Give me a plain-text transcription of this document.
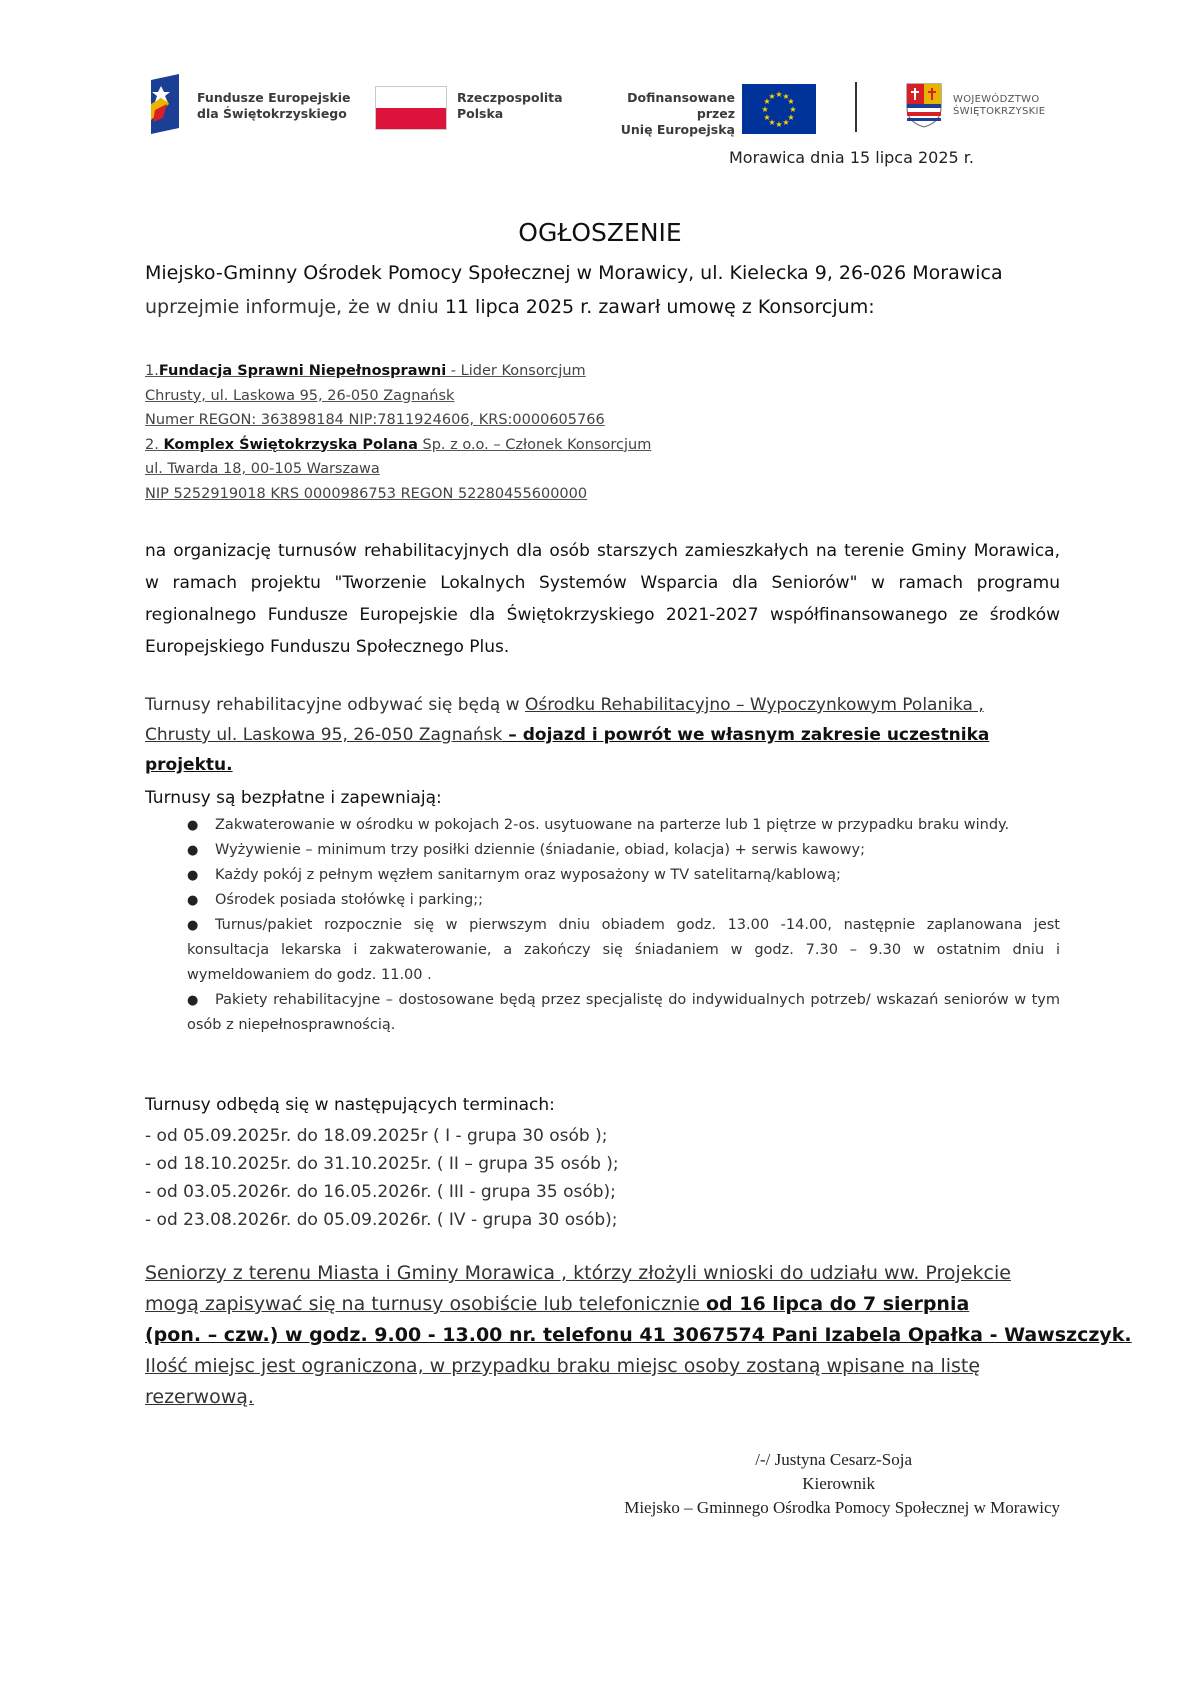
Fundusze Europejskie
dla Świętokrzyskiego
Rzeczpospolita
Polska
Dofinansowane przez
Unię Europejską
★ ★
★
★
★
★
★
★
★
★
★
★	WOJEWÓDZTWO
ŚWIĘTOKRZYSKIE
Morawica dnia 15 lipca 2025 r.
OGŁOSZENIE
Miejsko-Gminny Ośrodek Pomocy Społecznej w Morawicy, ul. Kielecka 9, 26-026 Morawica
uprzejmie informuje, że w dniu 11 lipca 2025 r. zawarł umowę z Konsorcjum:
1.Fundacja Sprawni Niepełnosprawni - Lider Konsorcjum
Chrusty, ul. Laskowa 95, 26-050 Zagnańsk
Numer REGON: 363898184 NIP:7811924606, KRS:0000605766
2. Komplex Świętokrzyska Polana Sp. z o.o. – Członek Konsorcjum
ul. Twarda 18, 00-105 Warszawa
NIP 5252919018 KRS 0000986753 REGON 52280455600000
na organizację turnusów rehabilitacyjnych dla osób starszych zamieszkałych na terenie Gminy Morawica, w ramach projektu "Tworzenie Lokalnych Systemów Wsparcia dla Seniorów" w ramach programu regionalnego Fundusze Europejskie dla Świętokrzyskiego 2021-2027 współfinansowanego ze środków Europejskiego Funduszu Społecznego Plus.
Turnusy rehabilitacyjne odbywać się będą w Ośrodku Rehabilitacyjno – Wypoczynkowym Polanika ,
Chrusty ul. Laskowa 95, 26-050 Zagnańsk – dojazd i powrót we własnym zakresie uczestnika projektu.
Turnusy są bezpłatne i zapewniają:
● Zakwaterowanie w ośrodku w pokojach 2-os. usytuowane na parterze lub 1 piętrze w przypadku braku windy.
● Wyżywienie – minimum trzy posiłki dziennie (śniadanie, obiad, kolacja) + serwis kawowy;
● Każdy pokój z pełnym węzłem sanitarnym oraz wyposażony w TV satelitarną/kablową;
● Ośrodek posiada stołówkę i parking;;
● Turnus/pakiet rozpocznie się w pierwszym dniu obiadem godz. 13.00 -14.00, następnie zaplanowana jest konsultacja lekarska i zakwaterowanie, a zakończy się śniadaniem w godz. 7.30 – 9.30 w ostatnim dniu i wymeldowaniem do godz. 11.00 .
● Pakiety rehabilitacyjne – dostosowane będą przez specjalistę do indywidualnych potrzeb/ wskazań seniorów w tym osób z niepełnosprawnością.
Turnusy odbędą się w następujących terminach:
- od 05.09.2025r. do 18.09.2025r ( I - grupa 30 osób );
- od 18.10.2025r. do 31.10.2025r. ( II – grupa 35 osób );
- od 03.05.2026r. do 16.05.2026r. ( III - grupa 35 osób);
- od 23.08.2026r. do 05.09.2026r. ( IV - grupa 30 osób);
Seniorzy z terenu Miasta i Gminy Morawica , którzy złożyli wnioski do udziału ww. Projekcie
mogą zapisywać się na turnusy osobiście lub telefonicznie od 16 lipca do 7 sierpnia
(pon. – czw.) w godz. 9.00 - 13.00 nr. telefonu 41 3067574 Pani Izabela Opałka - Wawszczyk.
Ilość miejsc jest ograniczona, w przypadku braku miejsc osoby zostaną wpisane na listę
rezerwową.
/-/ Justyna Cesarz-Soja
Kierownik
Miejsko – Gminnego Ośrodka Pomocy Społecznej w Morawicy
